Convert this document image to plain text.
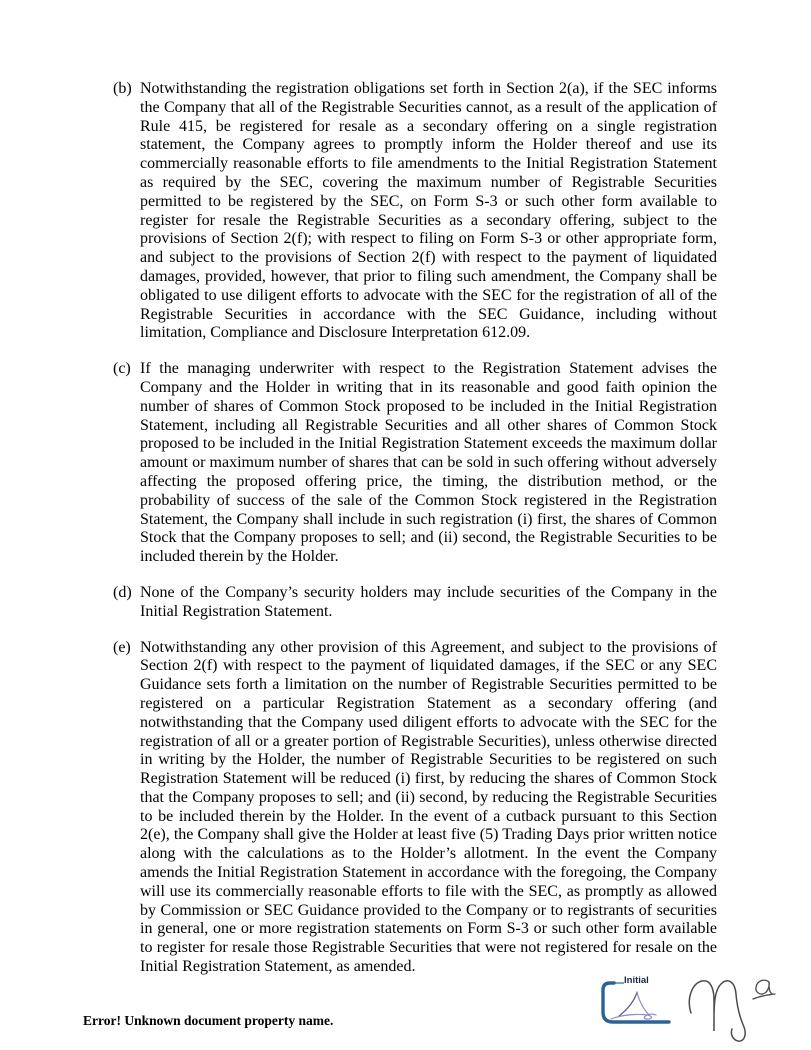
(b) Notwithstanding the registration obligations set forth in Section 2(a), if the SEC informs the Company that all of the Registrable Securities cannot, as a result of the application of Rule 415, be registered for resale as a secondary offering on a single registration statement, the Company agrees to promptly inform the Holder thereof and use its commercially reasonable efforts to file amendments to the Initial Registration Statement as required by the SEC, covering the maximum number of Registrable Securities permitted to be registered by the SEC, on Form S-3 or such other form available to register for resale the Registrable Securities as a secondary offering, subject to the provisions of Section 2(f); with respect to filing on Form S-3 or other appropriate form, and subject to the provisions of Section 2(f) with respect to the payment of liquidated damages, provided, however, that prior to filing such amendment, the Company shall be obligated to use diligent efforts to advocate with the SEC for the registration of all of the Registrable Securities in accordance with the SEC Guidance, including without limitation, Compliance and Disclosure Interpretation 612.09.
(c) If the managing underwriter with respect to the Registration Statement advises the Company and the Holder in writing that in its reasonable and good faith opinion the number of shares of Common Stock proposed to be included in the Initial Registration Statement, including all Registrable Securities and all other shares of Common Stock proposed to be included in the Initial Registration Statement exceeds the maximum dollar amount or maximum number of shares that can be sold in such offering without adversely affecting the proposed offering price, the timing, the distribution method, or the probability of success of the sale of the Common Stock registered in the Registration Statement, the Company shall include in such registration (i) first, the shares of Common Stock that the Company proposes to sell; and (ii) second, the Registrable Securities to be included therein by the Holder.
(d) None of the Company’s security holders may include securities of the Company in the Initial Registration Statement.
(e) Notwithstanding any other provision of this Agreement, and subject to the provisions of Section 2(f) with respect to the payment of liquidated damages, if the SEC or any SEC Guidance sets forth a limitation on the number of Registrable Securities permitted to be registered on a particular Registration Statement as a secondary offering (and notwithstanding that the Company used diligent efforts to advocate with the SEC for the registration of all or a greater portion of Registrable Securities), unless otherwise directed in writing by the Holder, the number of Registrable Securities to be registered on such Registration Statement will be reduced (i) first, by reducing the shares of Common Stock that the Company proposes to sell; and (ii) second, by reducing the Registrable Securities to be included therein by the Holder. In the event of a cutback pursuant to this Section 2(e), the Company shall give the Holder at least five (5) Trading Days prior written notice along with the calculations as to the Holder’s allotment. In the event the Company amends the Initial Registration Statement in accordance with the foregoing, the Company will use its commercially reasonable efforts to file with the SEC, as promptly as allowed by Commission or SEC Guidance provided to the Company or to registrants of securities in general, one or more registration statements on Form S-3 or such other form available to register for resale those Registrable Securities that were not registered for resale on the Initial Registration Statement, as amended.
Error! Unknown document property name.
Initial
